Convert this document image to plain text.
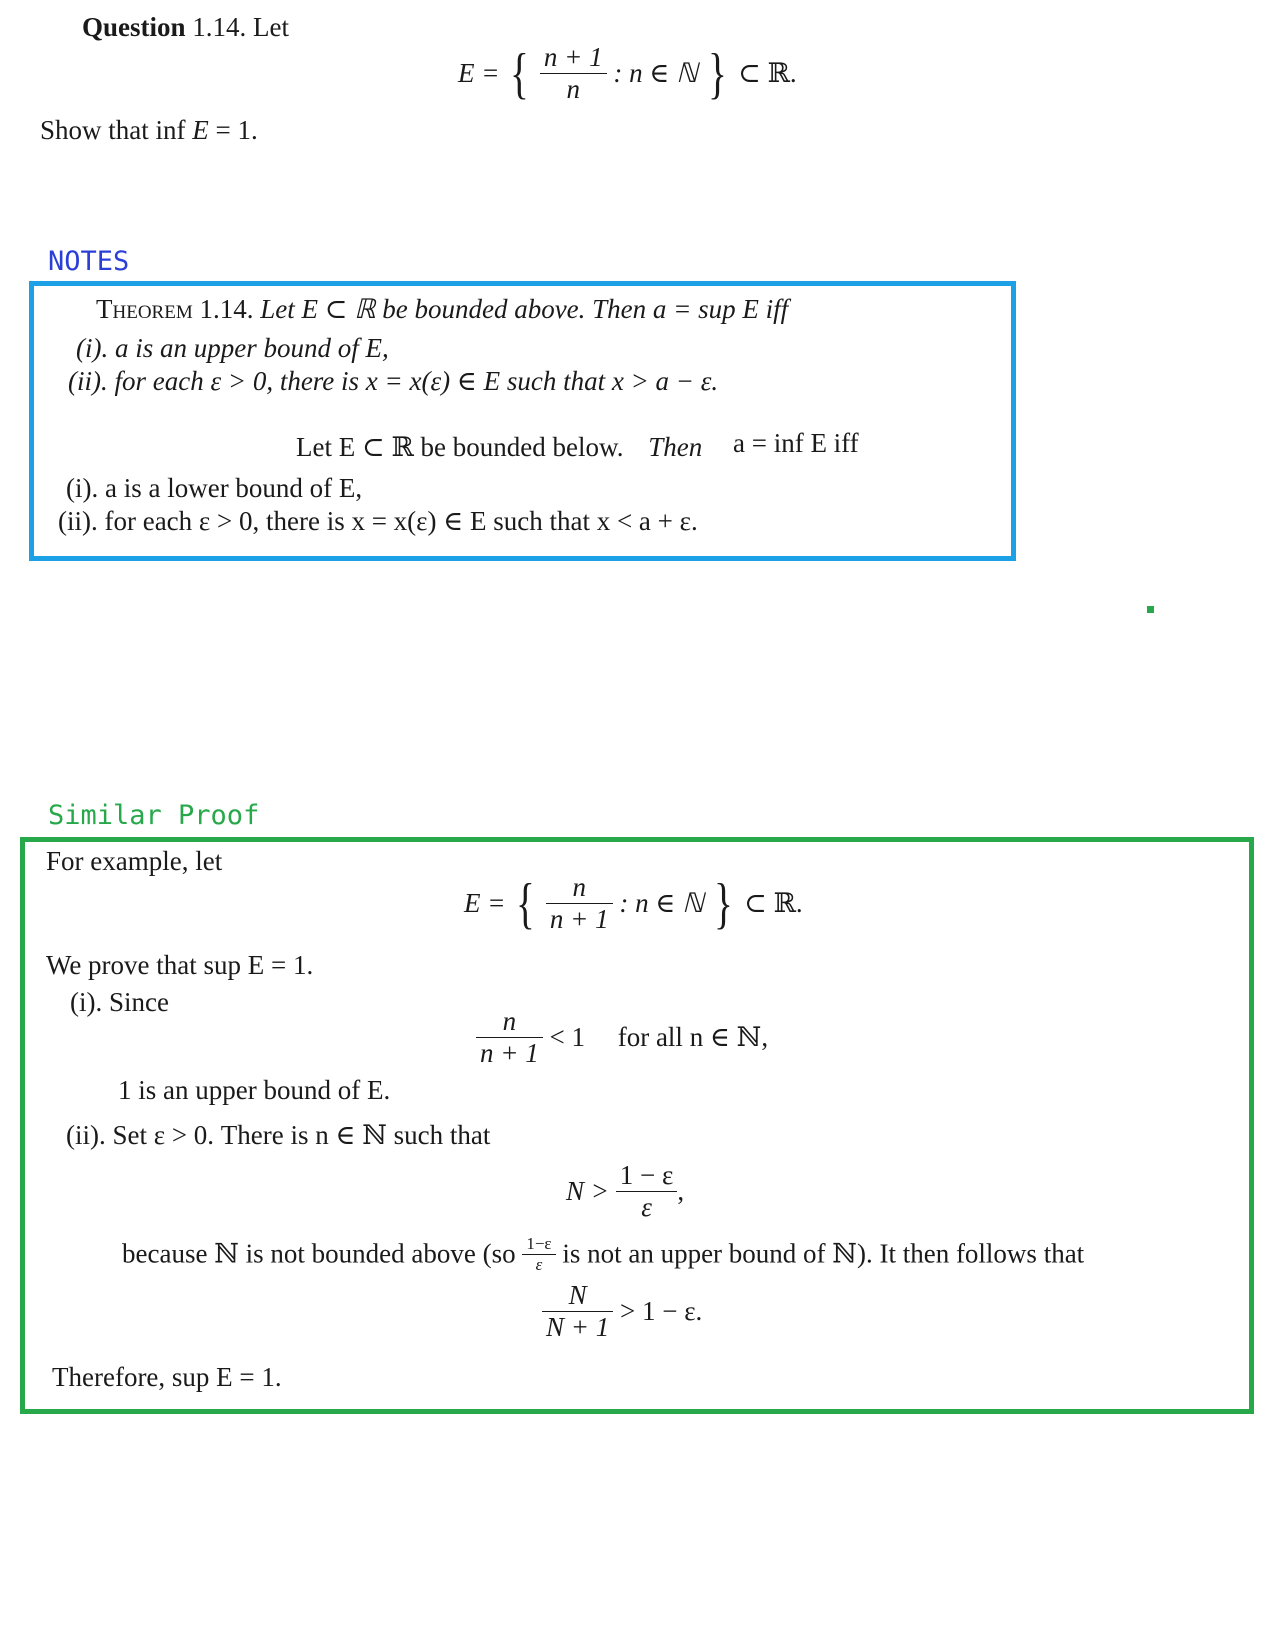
Question 1.14. Let
E = { $\frac{n + 1}{n}$ : n ∈ ℕ } ⊂ ℝ.
Show that inf E = 1.
NOTES
Theorem 1.14. Let E ⊂ ℝ be bounded above. Then a = sup E iff
(i). a is an upper bound of E,
(ii). for each ε > 0, there is x = x(ε) ∈ E such that x > a − ε.
Let E ⊂ ℝ be bounded below. Then a = inf E iff
(i). a is a lower bound of E,
(ii). for each ε > 0, there is x = x(ε) ∈ E such that x < a + ε.
Similar Proof
For example, let
E = { $\frac{n}{n + 1}$ : n ∈ ℕ } ⊂ ℝ.
We prove that sup E = 1.
(i). Since
$\frac{n}{n + 1} < 1$ for all n ∈ ℕ,
1 is an upper bound of E.
(ii). Set ε > 0. There is n ∈ ℕ such that
$N > \frac{1 - \varepsilon}{\varepsilon}$ ,
because ℕ is not bounded above ($so \frac{1-\varepsilon}{\varepsilon}$ is not an upper bound of ℕ). It then follows that
$\frac{N}{N + 1} > 1 - \varepsilon$.
Therefore, sup E = 1.
